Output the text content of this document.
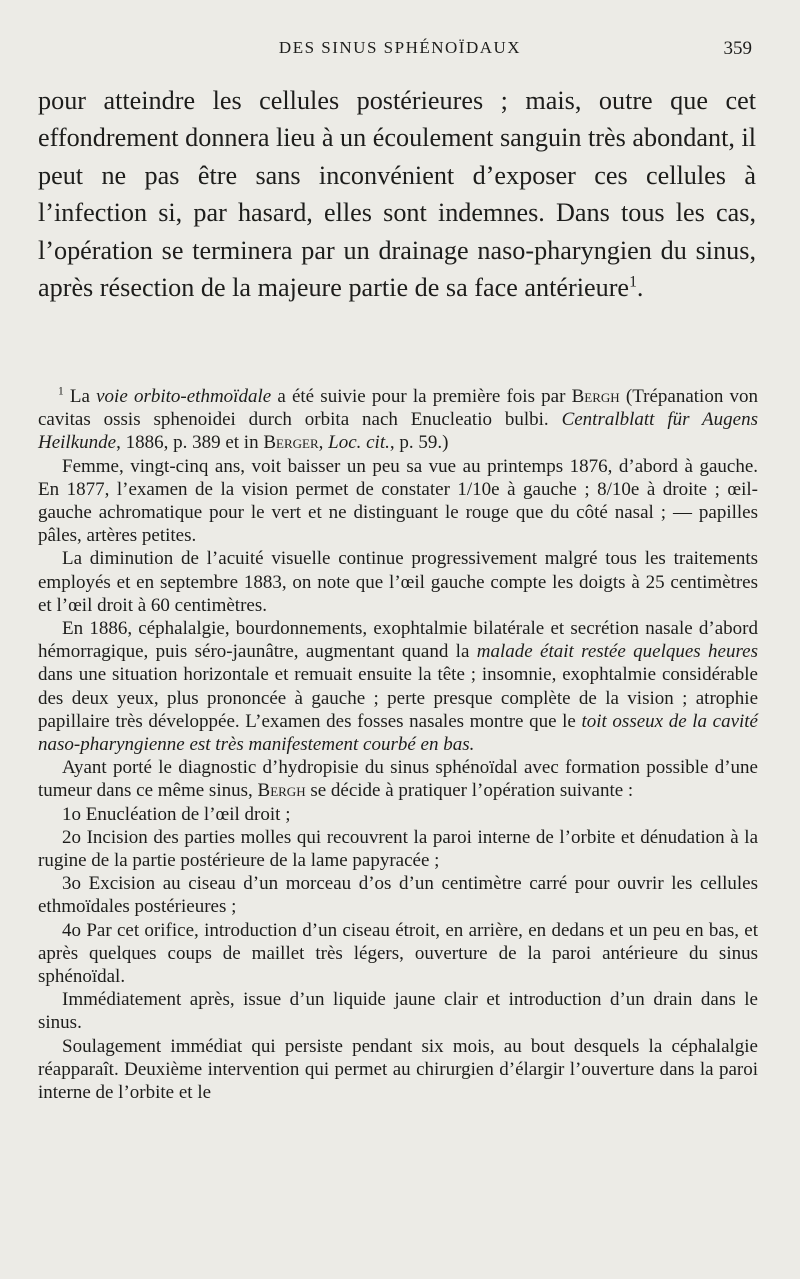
DES SINUS SPHÉNOÏDAUX	359

pour atteindre les cellules postérieures ; mais, outre que cet effondrement donnera lieu à un écoulement sanguin très abondant, il peut ne pas être sans inconvénient d’exposer ces cellules à l’infection si, par hasard, elles sont indemnes. Dans tous les cas, l’opération se terminera par un drainage naso-pharyngien du sinus, après résection de la majeure partie de sa face antérieure$^1$.

$^1$ La voie orbito-ethmoïdale a été suivie pour la première fois par Bergh (Trépanation von cavitas ossis sphenoidei durch orbita nach Enucleatio bulbi. Centralblatt für Augens Heilkunde, 1886, p. 389 et in Berger, Loc. cit., p. 59.)

Femme, vingt-cinq ans, voit baisser un peu sa vue au printemps 1876, d’abord à gauche. En 1877, l’examen de la vision permet de constater 1/10e à gauche ; 8/10e à droite ; œil-gauche achromatique pour le vert et ne distinguant le rouge que du côté nasal ; — papilles pâles, artères petites.

La diminution de l’acuité visuelle continue progressivement malgré tous les traitements employés et en septembre 1883, on note que l’œil gauche compte les doigts à 25 centimètres et l’œil droit à 60 centimètres.

En 1886, céphalalgie, bourdonnements, exophtalmie bilatérale et secrétion nasale d’abord hémorragique, puis séro-jaunâtre, augmentant quand la malade était restée quelques heures dans une situation horizontale et remuait ensuite la tête ; insomnie, exophtalmie considérable des deux yeux, plus prononcée à gauche ; perte presque complète de la vision ; atrophie papillaire très développée. L’examen des fosses nasales montre que le toit osseux de la cavité naso-pharyngienne est très manifestement courbé en bas.

Ayant porté le diagnostic d’hydropisie du sinus sphénoïdal avec formation possible d’une tumeur dans ce même sinus, Bergh se décide à pratiquer l’opération suivante :

1o Enucléation de l’œil droit ;

2o Incision des parties molles qui recouvrent la paroi interne de l’orbite et dénudation à la rugine de la partie postérieure de la lame papyracée ;

3o Excision au ciseau d’un morceau d’os d’un centimètre carré pour ouvrir les cellules ethmoïdales postérieures ;

4o Par cet orifice, introduction d’un ciseau étroit, en arrière, en dedans et un peu en bas, et après quelques coups de maillet très légers, ouverture de la paroi antérieure du sinus sphénoïdal.

Immédiatement après, issue d’un liquide jaune clair et introduction d’un drain dans le sinus.

Soulagement immédiat qui persiste pendant six mois, au bout desquels la céphalalgie réapparaît. Deuxième intervention qui permet au chirurgien d’élargir l’ouverture dans la paroi interne de l’orbite et le
